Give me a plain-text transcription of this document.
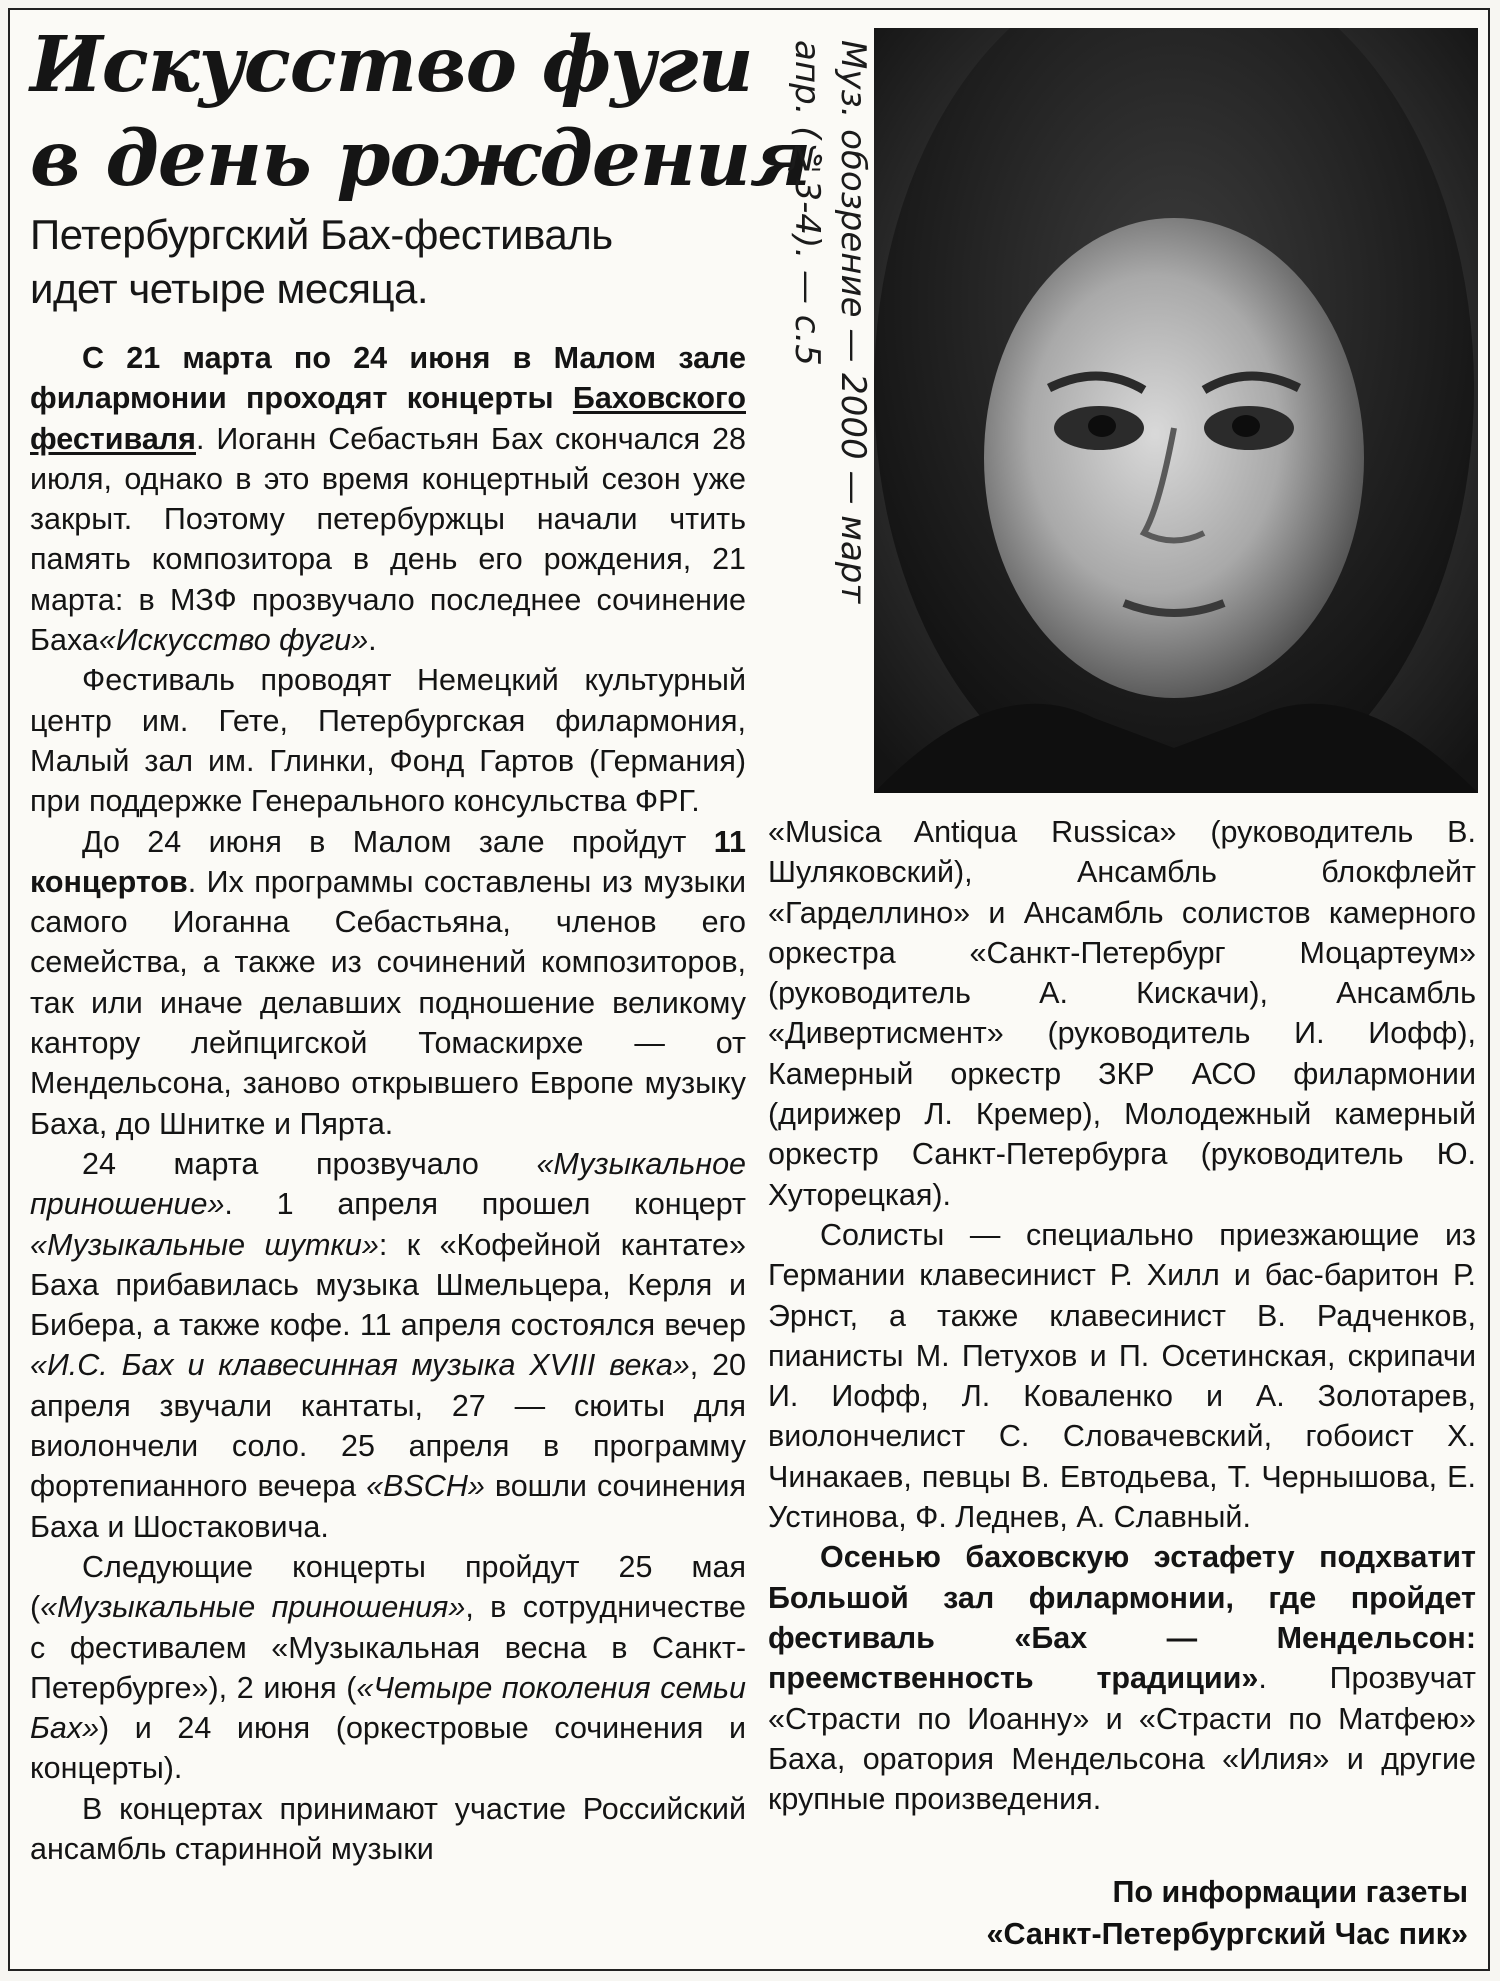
Искусство фуги
в день рождения
Петербургский Бах-фестиваль
идет четыре месяца.	Муз. обозрение — 2000 — март
апр. (№3-4). — с.5

С 21 марта по 24 июня в Малом зале филармонии проходят концерты Баховского фестиваля. Иоганн Себастьян Бах скончался 28 июля, однако в это время концертный сезон уже закрыт. Поэтому петербуржцы начали чтить память композитора в день его рождения, 21 марта: в МЗФ прозвучало последнее сочинение Баха«Искусство фуги».

Фестиваль проводят Немецкий культурный центр им. Гете, Петербургская филармония, Малый зал им. Глинки, Фонд Гартов (Германия) при поддержке Генерального консульства ФРГ.

До 24 июня в Малом зале пройдут 11 концертов. Их программы составлены из музыки самого Иоганна Себастьяна, членов его семейства, а также из сочинений композиторов, так или иначе делавших подношение великому кантору лейпцигской Томаскирхе — от Мендельсона, заново открывшего Европе музыку Баха, до Шнитке и Пярта.

24 марта прозвучало «Музыкальное приношение». 1 апреля прошел концерт «Музыкальные шутки»: к «Кофейной кантате» Баха прибавилась музыка Шмельцера, Керля и Бибера, а также кофе. 11 апреля состоялся вечер «И.С. Бах и клавесинная музыка XVIII века», 20 апреля звучали кантаты, 27 — сюиты для виолончели соло. 25 апреля в программу фортепианного вечера «BSCH» вошли сочинения Баха и Шостаковича.

Следующие концерты пройдут 25 мая («Музыкальные приношения», в сотрудничестве с фестивалем «Музыкальная весна в Санкт-Петербурге»), 2 июня («Четыре поколения семьи Бах») и 24 июня (оркестровые сочинения и концерты).

В концертах принимают участие Российский ансамбль старинной музыки

«Musica Antiqua Russica» (руководитель В. Шуляковский), Ансамбль блокфлейт «Гарделлино» и Ансамбль солистов камерного оркестра «Санкт-Петербург Моцартеум» (руководитель А. Кискачи), Ансамбль «Дивертисмент» (руководитель И. Иофф), Камерный оркестр ЗКР АСО филармонии (дирижер Л. Кремер), Молодежный камерный оркестр Санкт-Петербурга (руководитель Ю. Хуторецкая).

Солисты — специально приезжающие из Германии клавесинист Р. Хилл и бас-баритон Р. Эрнст, а также клавесинист В. Радченков, пианисты М. Петухов и П. Осетинская, скрипачи И. Иофф, Л. Коваленко и А. Золотарев, виолончелист С. Словачевский, гобоист Х. Чинакаев, певцы В. Евтодьева, Т. Чернышова, Е. Устинова, Ф. Леднев, А. Славный.

Осенью баховскую эстафету подхватит Большой зал филармонии, где пройдет фестиваль «Бах — Мендельсон: преемственность традиции». Прозвучат «Страсти по Иоанну» и «Страсти по Матфею» Баха, оратория Мендельсона «Илия» и другие крупные произведения.

По информации газеты
«Санкт-Петербургский Час пик»
